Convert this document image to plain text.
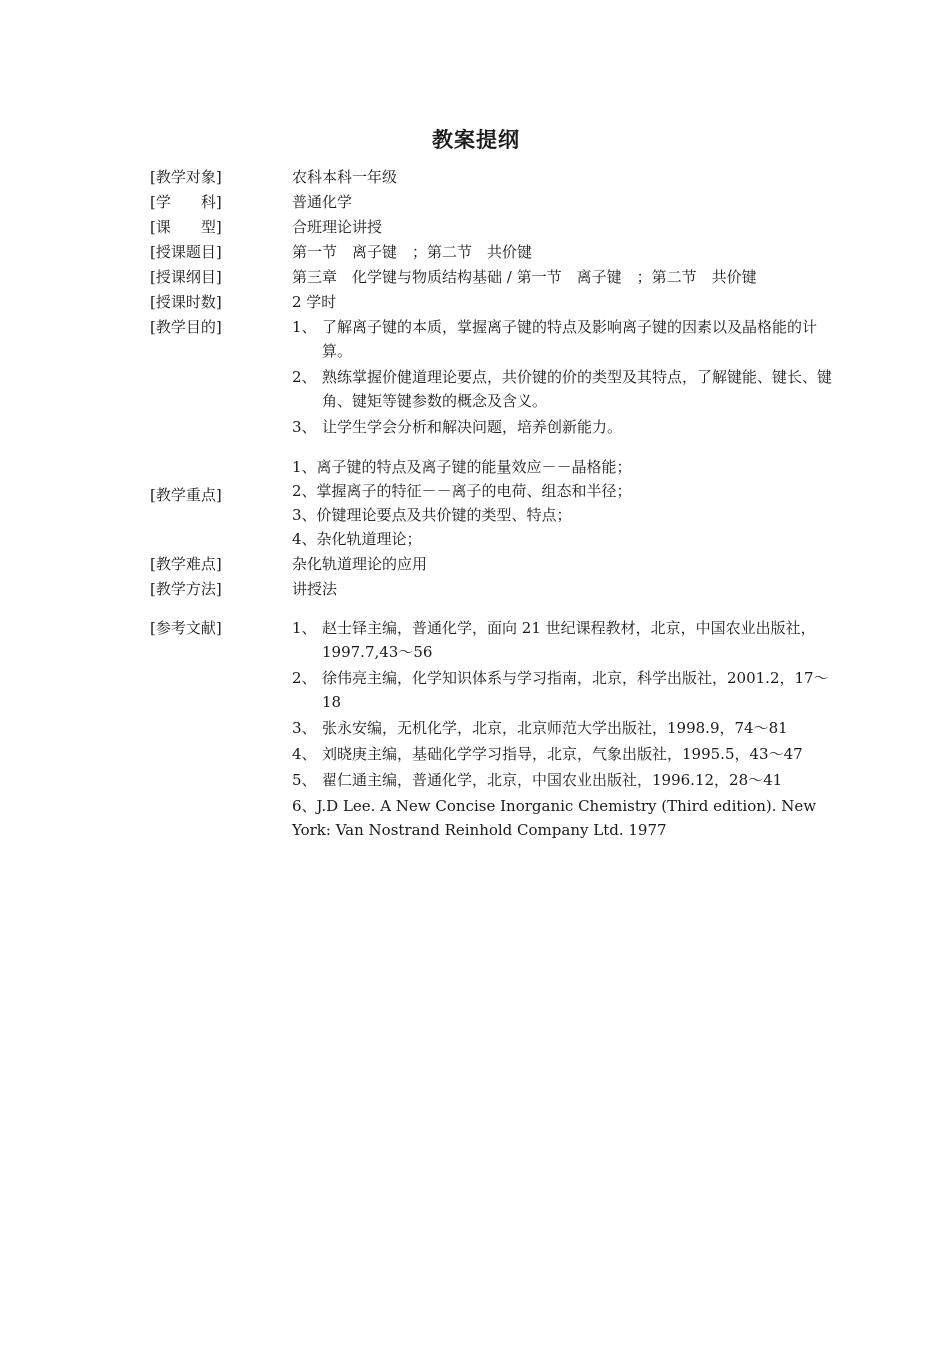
教案提纲
[教学对象]	农科本科一年级
[学　　科]	普通化学
[课　　型]	合班理论讲授
[授课题目]	第一节　离子键　；第二节　共价键
[授课纲目]	第三章　化学键与物质结构基础 / 第一节　离子键　；第二节　共价键
[授课时数]	2 学时
[教学目的]	1、 了解离子键的本质，掌握离子键的特点及影响离子键的因素以及晶格能的计算。
2、 熟练掌握价健道理论要点，共价键的价的类型及其特点，了解键能、键长、键角、键矩等键参数的概念及含义。
3、 让学生学会分析和解决问题，培养创新能力。
[教学重点]
1、离子键的特点及离子键的能量效应－－晶格能；
2、掌握离子的特征－－离子的电荷、组态和半径；
3、价键理论要点及共价键的类型、特点；
4、杂化轨道理论；
[教学难点]	杂化轨道理论的应用
[教学方法]	讲授法
[参考文献]	1、 赵士铎主编，普通化学，面向 21 世纪课程教材，北京，中国农业出版社，1997.7,43～56
2、 徐伟亮主编，化学知识体系与学习指南，北京，科学出版社，2001.2，17～18
3、 张永安编，无机化学，北京，北京师范大学出版社，1998.9，74～81
4、 刘晓庚主编，基础化学学习指导，北京，气象出版社，1995.5，43～47
5、 翟仁通主编，普通化学，北京，中国农业出版社，1996.12，28～41
6、J.D Lee. A New Concise Inorganic Chemistry (Third edition). New York: Van Nostrand Reinhold Company Ltd. 1977
